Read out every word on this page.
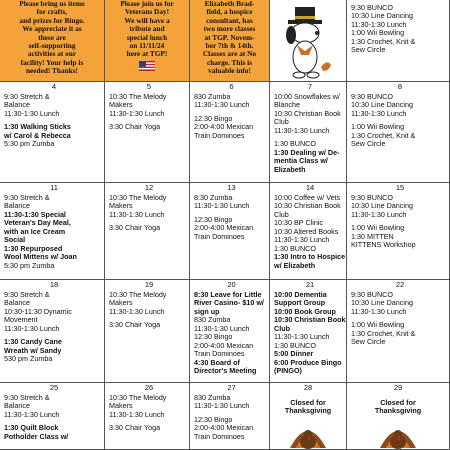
Please bring us items
for crafts,
and prizes for Bingo.
We appreciate it as
these are
self-supporting
activities at our
facility! Your help is
needed! Thanks!
Please join us for
Veterans Day!
We will have a
tribute and
special lunch
on 11/11/24
here at TGP!
Elizabeth Brad-
field, a hospice
consultant, has
two more classes
at TGP. Novem-
ber 7th & 14th.
Classes are at No
charge. This is
valuable info!
9:30 BUNCO
10:30 Line Dancing
11:30-1:30 Lunch
1:00 Wii Bowling
1:30 Crochet, Knit &
Sew Circle
4
9:30 Stretch &
Balance
11:30-1:30 Lunch

1:30 Walking Sticks
w/ Carol & Rebecca
5:30 pm Zumba
5
10:30 The Melody
Makers
11:30-1:30 Lunch

3:30 Chair Yoga
6
830 Zumba
11:30-1:30 Lunch

12:30 Bingo
2:00-4:00 Mexican
Train Dominoes
7
10:00 Snowflakes w/
Blanche
10:30 Christian Book
Club
11:30-1:30 Lunch

1:30 BUNCO
1:30 Dealing w/ De-
mentia Class w/
Elizabeth
8
9:30 BUNCO
10:30 Line Dancing
11:30-1:30 Lunch

1:00 Wii Bowling
1:30 Crochet, Knit &
Sew Circle
11
9:30 Stretch &
Balance
11:30-1:30 Special
Veteran's Day Meal,
with an Ice Cream
Social
1:30 Repurposed
Wool Mittens w/ Joan
5:30 pm Zumba
12
10:30 The Melody
Makers
11:30-1:30 Lunch

3:30 Chair Yoga
13
8:30 Zumba
11:30-1:30 Lunch

12:30 Bingo
2:00-4:00 Mexican
Train Dominoes
14
10:00 Coffee w/ Vets
10:30 Christian Book
Club
10:30 BP Clinic
10:30 Altered Books
11:30-1:30 Lunch
1:30 BUNCO
1:30 Intro to Hospice
w/ Elizabeth
15
9:30 BUNCO
10:30 Line Dancing
11:30-1:30 Lunch

1:00 Wii Bowling
1:30 MITTEN
KITTENS Workshop
18
9:30 Stretch &
Balance
10:30-11:30 Dynamic
Movement
11:30-1:30 Lunch

1:30 Candy Cane
Wreath w/ Sandy
530 pm Zumba
19
10:30 The Melody
Makers
11:30-1:30 Lunch

3:30 Chair Yoga
20
8:30 Leave for Little
River Casino- $10 w/
sign up
830 Zumba
11:30-1:30 Lunch
12:30 Bingo
2:00-4:00 Mexican
Train Dominoes
4:30 Board of
Director's Meeting
21
10:00 Dementia
Support Group
10:00 Book Group
10:30 Christian Book
Club
11:30-1:30 Lunch
1:30 BUNCO
5:00 Dinner
6:00 Produce Bingo
(PINGO)
22
9:30 BUNCO
10:30 Line Dancing
11:30-1:30 Lunch

1:00 Wii Bowling
1:30 Crochet, Knit &
Sew Circle
25
9:30 Stretch &
Balance
11:30-1:30 Lunch

1:30 Quilt Block
Potholder Class w/
26
10:30 The Melody
Makers
11:30-1:30 Lunch

3:30 Chair Yoga
27
830 Zumba
11:30-1:30 Lunch

12:30 Bingo
2:00-4:00 Mexican
Train Dominoes
28
Closed for
Thanksgiving
29
Closed for
Thanksgiving
